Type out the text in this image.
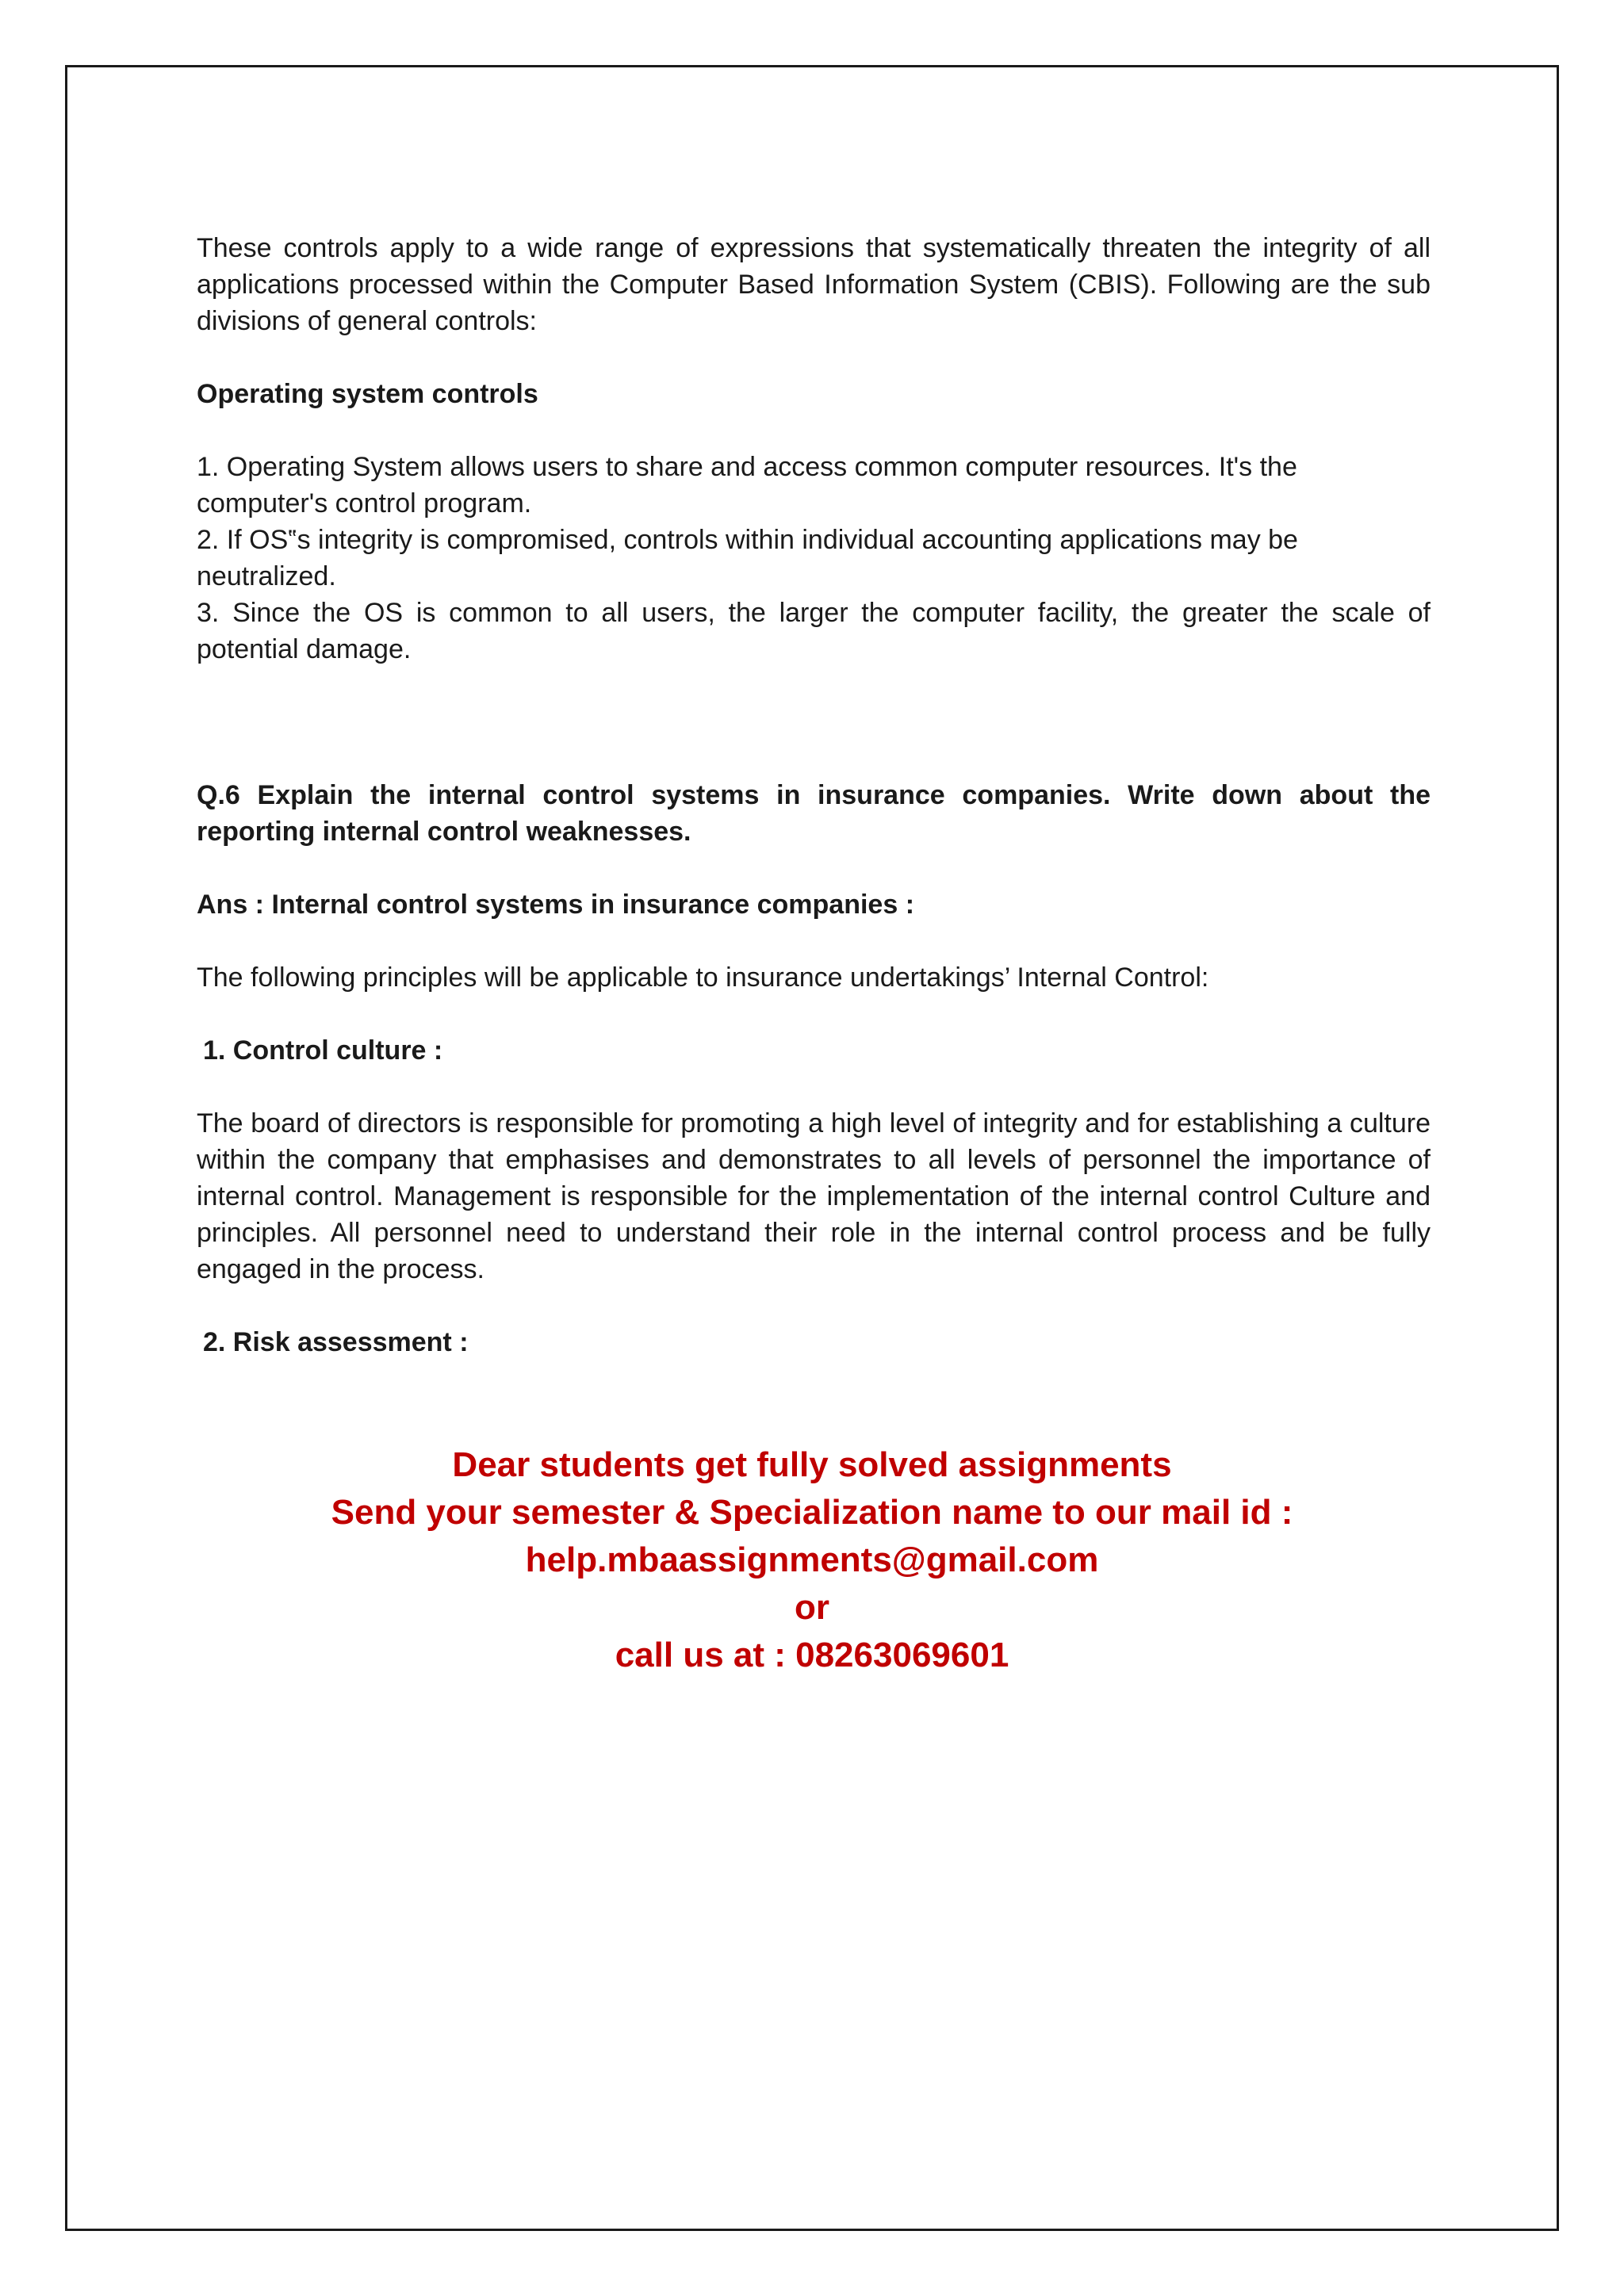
These controls apply to a wide range of expressions that systematically threaten the integrity of all applications processed within the Computer Based Information System (CBIS). Following are the sub divisions of general controls:

Operating system controls

1. Operating System allows users to share and access common computer resources. It's the computer's control program.

2. If OS‟s integrity is compromised, controls within individual accounting applications may be neutralized.

3. Since the OS is common to all users, the larger the computer facility, the greater the scale of potential damage.

Q.6 Explain the internal control systems in insurance companies. Write down about the reporting internal control weaknesses.

Ans : Internal control systems in insurance companies :

The following principles will be applicable to insurance undertakings’ Internal Control:

1. Control culture :

The board of directors is responsible for promoting a high level of integrity and for establishing a culture within the company that emphasises and demonstrates to all levels of personnel the importance of internal control. Management is responsible for the implementation of the internal control Culture and principles. All personnel need to understand their role in the internal control process and be fully engaged in the process.

2. Risk assessment :

Dear students get fully solved assignments

Send your semester & Specialization name to our mail id :

help.mbaassignments@gmail.com

or

call us at : 08263069601
